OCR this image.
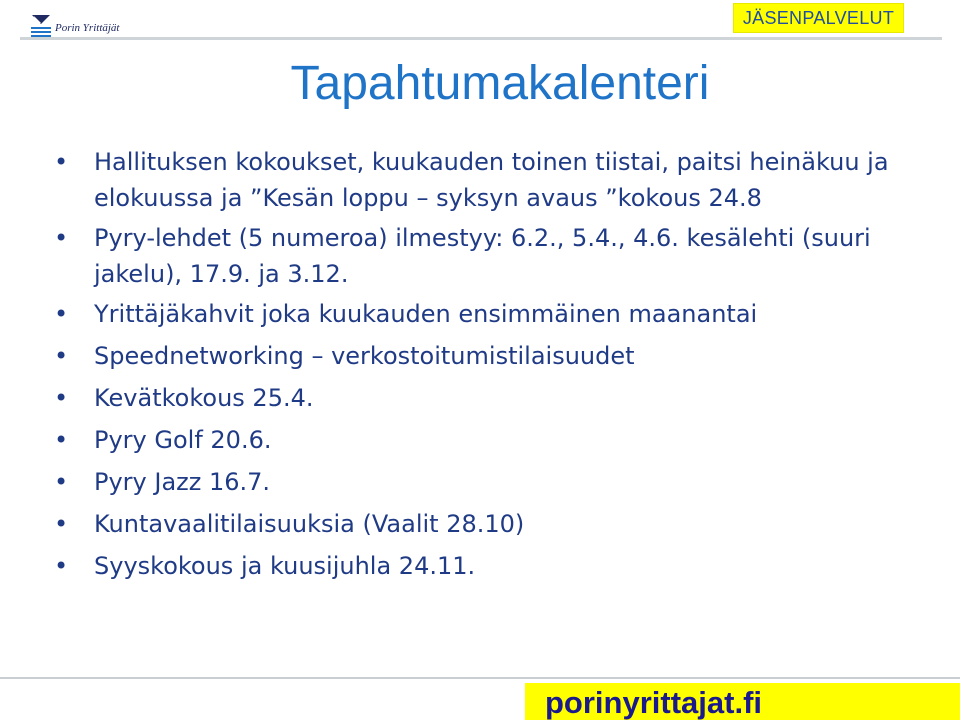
Porin Yrittäjät	JÄSENPALVELUT
Tapahtumakalenteri
• Hallituksen kokoukset, kuukauden toinen tiistai, paitsi heinäkuu ja elokuussa ja ”Kesän loppu – syksyn avaus ”kokous 24.8
• Pyry-lehdet (5 numeroa) ilmestyy: 6.2., 5.4., 4.6. kesälehti (suuri jakelu), 17.9. ja 3.12.
• Yrittäjäkahvit joka kuukauden ensimmäinen maanantai
• Speednetworking – verkostoitumistilaisuudet
• Kevätkokous 25.4.
• Pyry Golf 20.6.
• Pyry Jazz 16.7.
• Kuntavaalitilaisuuksia (Vaalit 28.10)
• Syyskokous ja kuusijuhla 24.11.
porinyrittajat.fi
